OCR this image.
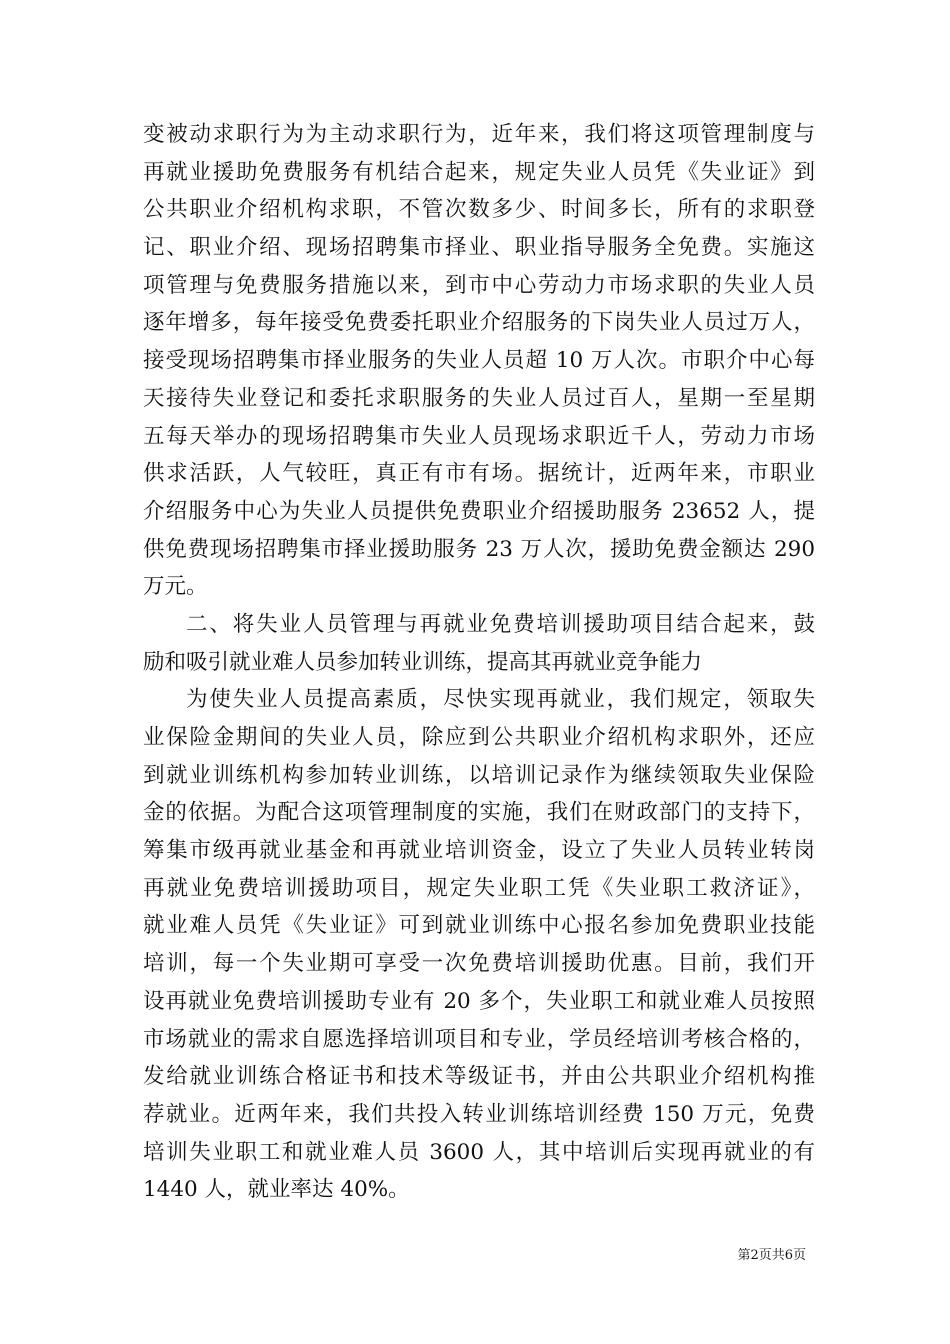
变被动求职行为为主动求职行为，近年来，我们将这项管理制度与
再就业援助免费服务有机结合起来，规定失业人员凭《失业证》到
公共职业介绍机构求职，不管次数多少、时间多长，所有的求职登
记、职业介绍、现场招聘集市择业、职业指导服务全免费。实施这
项管理与免费服务措施以来，到市中心劳动力市场求职的失业人员
逐年增多，每年接受免费委托职业介绍服务的下岗失业人员过万人，
接受现场招聘集市择业服务的失业人员超 10 万人次。市职介中心每
天接待失业登记和委托求职服务的失业人员过百人，星期一至星期
五每天举办的现场招聘集市失业人员现场求职近千人，劳动力市场
供求活跃，人气较旺，真正有市有场。据统计，近两年来，市职业
介绍服务中心为失业人员提供免费职业介绍援助服务 23652 人，提
供免费现场招聘集市择业援助服务 23 万人次，援助免费金额达 290
万元。
二、将失业人员管理与再就业免费培训援助项目结合起来，鼓
励和吸引就业难人员参加转业训练，提高其再就业竞争能力
为使失业人员提高素质，尽快实现再就业，我们规定，领取失
业保险金期间的失业人员，除应到公共职业介绍机构求职外，还应
到就业训练机构参加转业训练，以培训记录作为继续领取失业保险
金的依据。为配合这项管理制度的实施，我们在财政部门的支持下，
筹集市级再就业基金和再就业培训资金，设立了失业人员转业转岗
再就业免费培训援助项目，规定失业职工凭《失业职工救济证》，
就业难人员凭《失业证》可到就业训练中心报名参加免费职业技能
培训，每一个失业期可享受一次免费培训援助优惠。目前，我们开
设再就业免费培训援助专业有 20 多个，失业职工和就业难人员按照
市场就业的需求自愿选择培训项目和专业，学员经培训考核合格的，
发给就业训练合格证书和技术等级证书，并由公共职业介绍机构推
荐就业。近两年来，我们共投入转业训练培训经费 150 万元，免费
培训失业职工和就业难人员 3600 人，其中培训后实现再就业的有
1440 人，就业率达 40%。
第2页共6页
